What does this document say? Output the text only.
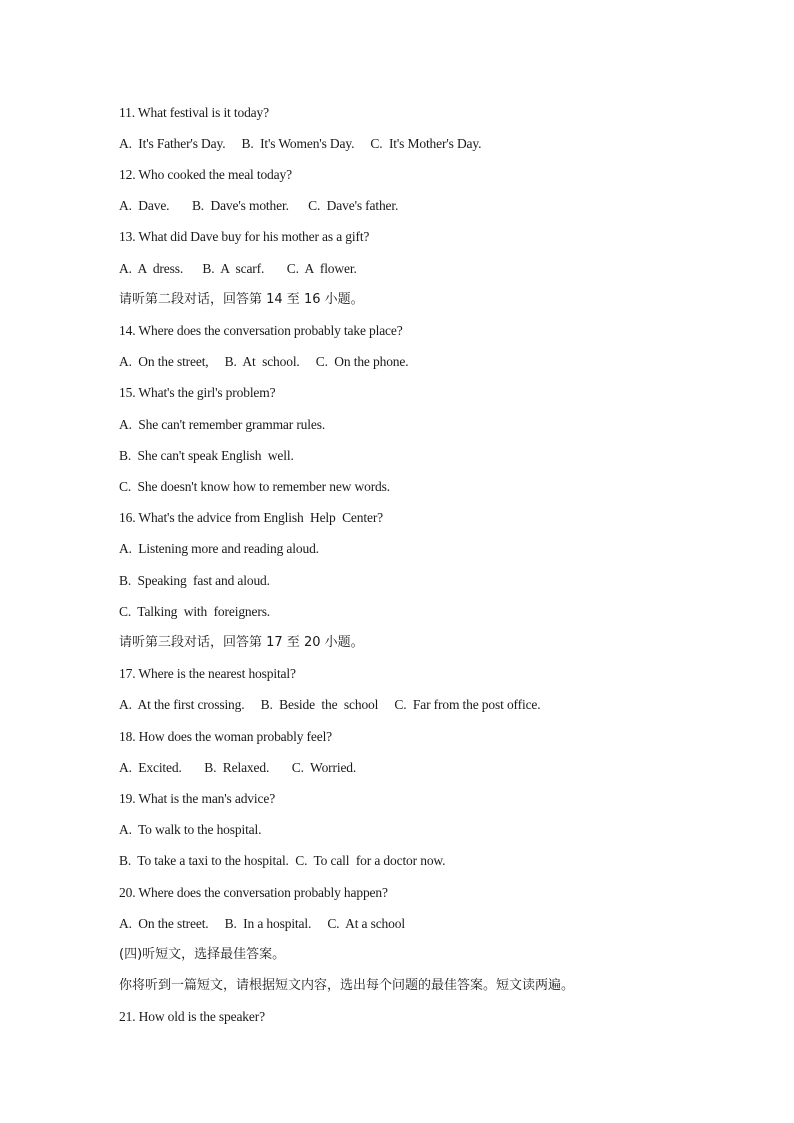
11. What festival is it today?
A.  It's Father's Day.     B.  It's Women's Day.     C.  It's Mother's Day.
12. Who cooked the meal today?
A.  Dave.       B.  Dave's mother.      C.  Dave's father.
13. What did Dave buy for his mother as a gift?
A.  A  dress.      B.  A  scarf.       C.  A  flower.
请听第二段对话，回答第 14 至 16 小题。
14. Where does the conversation probably take place?
A.  On the street,     B.  At  school.     C.  On the phone.
15. What's the girl's problem?
A.  She can't remember grammar rules.
B.  She can't speak English  well.
C.  She doesn't know how to remember new words.
16. What's the advice from English  Help  Center?
A.  Listening more and reading aloud.
B.  Speaking  fast and aloud.
C.  Talking  with  foreigners.
请听第三段对话，回答第 17 至 20 小题。
17. Where is the nearest hospital?
A.  At the first crossing.     B.  Beside  the  school     C.  Far from the post office.
18. How does the woman probably feel?
A.  Excited.       B.  Relaxed.       C.  Worried.
19. What is the man's advice?
A.  To walk to the hospital.
B.  To take a taxi to the hospital.  C.  To call  for a doctor now.
20. Where does the conversation probably happen?
A.  On the street.     B.  In a hospital.     C.  At a school
(四)听短文，选择最佳答案。
你将听到一篇短文，请根据短文内容，选出每个问题的最佳答案。短文读两遍。
21. How old is the speaker?
